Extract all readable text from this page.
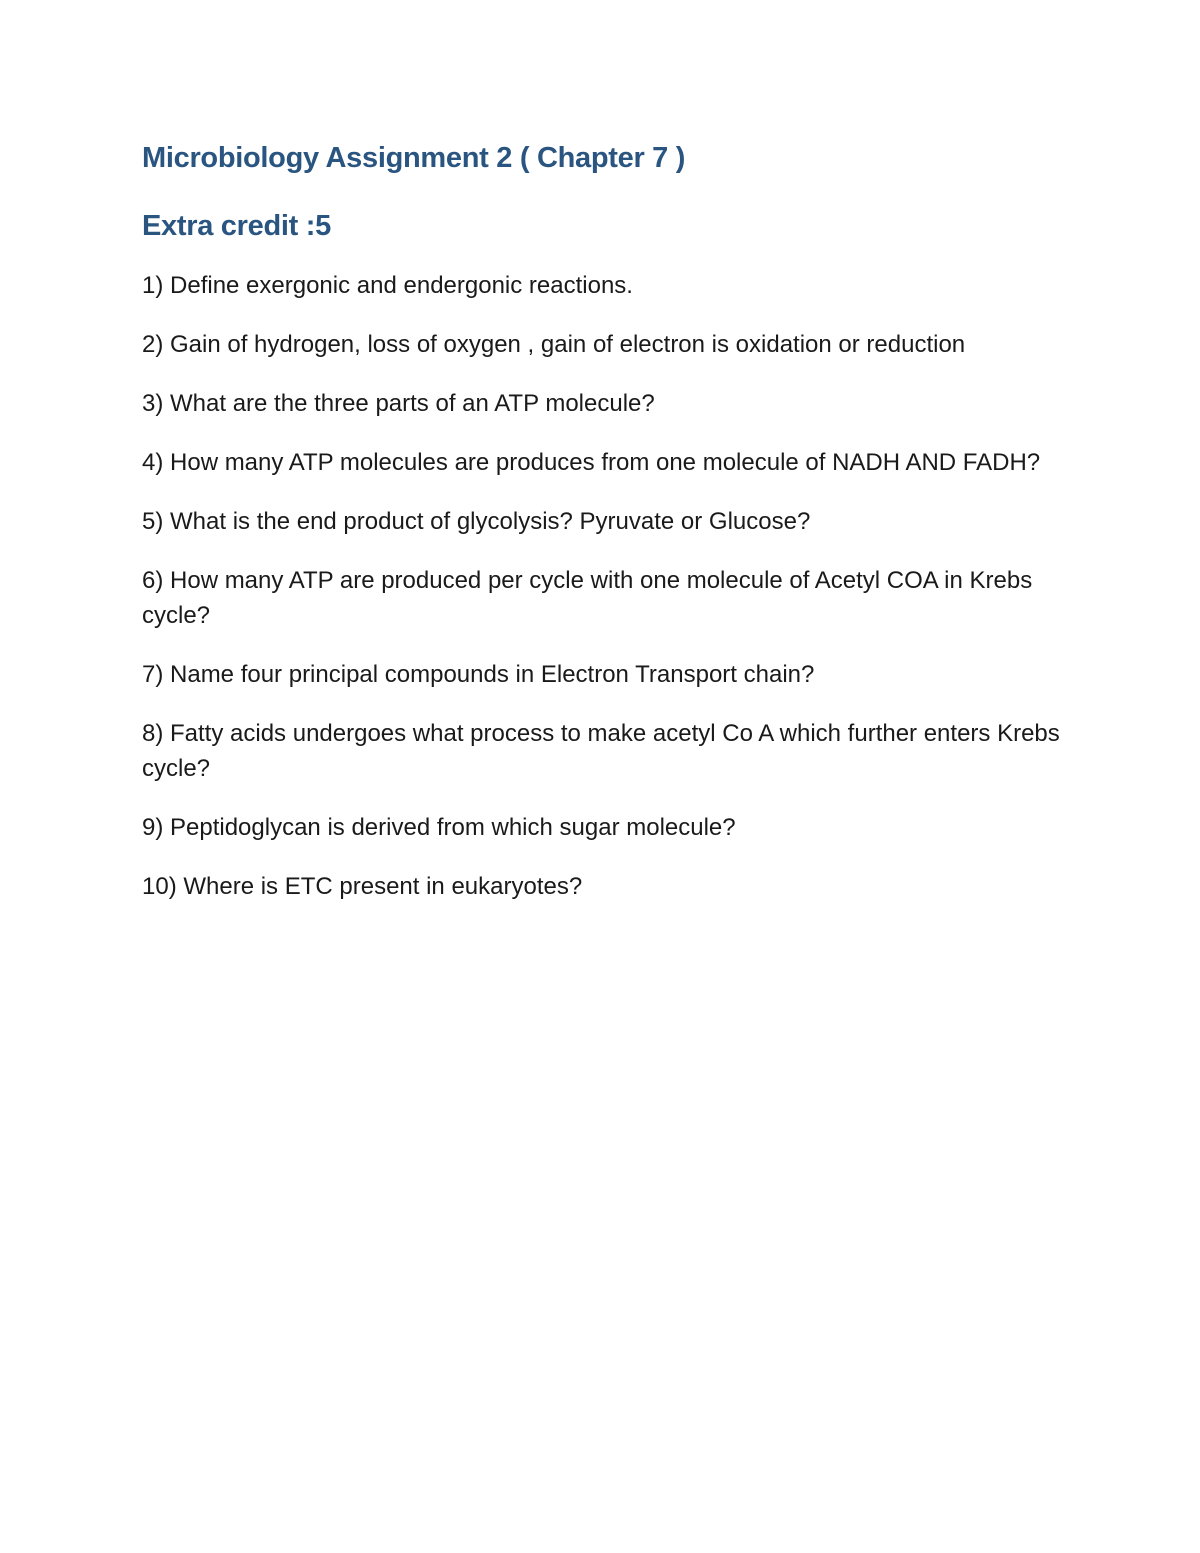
Microbiology Assignment 2 ( Chapter 7 )
Extra credit :5
1) Define exergonic and endergonic reactions.
2) Gain of hydrogen, loss of oxygen , gain of electron is oxidation or reduction
3) What are the three parts of an ATP molecule?
4) How many ATP molecules are produces from one molecule of NADH AND FADH?
5) What is the end product of glycolysis? Pyruvate or Glucose?
6) How many ATP are produced per cycle with one molecule of Acetyl COA in Krebs cycle?
7) Name four principal compounds in Electron Transport chain?
8) Fatty acids undergoes what process to make acetyl Co A which further enters Krebs cycle?
9) Peptidoglycan is derived from which sugar molecule?
10) Where is ETC present in eukaryotes?
